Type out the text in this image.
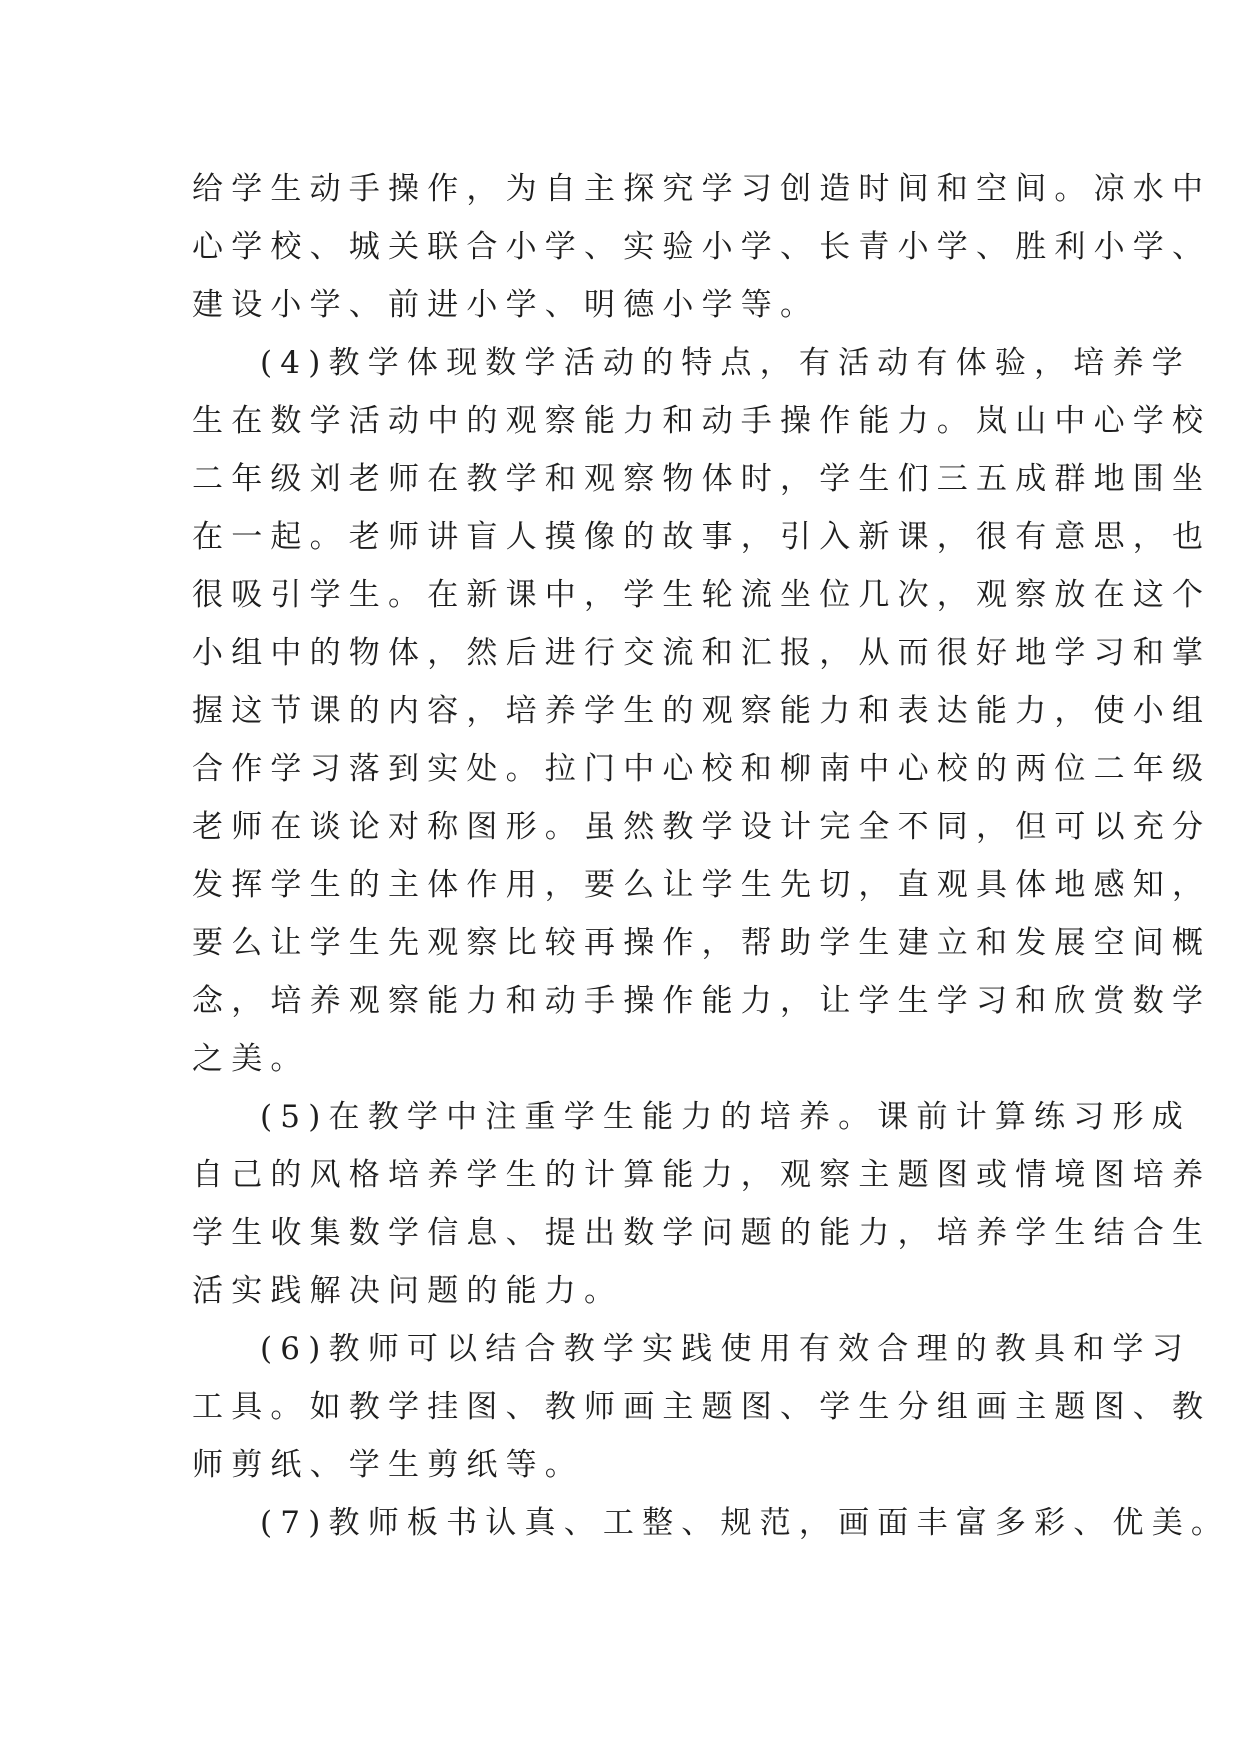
给学生动手操作，为自主探究学习创造时间和空间。凉水中
心学校、城关联合小学、实验小学、长青小学、胜利小学、
建设小学、前进小学、明德小学等。
(4)教学体现数学活动的特点，有活动有体验，培养学
生在数学活动中的观察能力和动手操作能力。岚山中心学校
二年级刘老师在教学和观察物体时，学生们三五成群地围坐
在一起。老师讲盲人摸像的故事，引入新课，很有意思，也
很吸引学生。在新课中，学生轮流坐位几次，观察放在这个
小组中的物体，然后进行交流和汇报，从而很好地学习和掌
握这节课的内容，培养学生的观察能力和表达能力，使小组
合作学习落到实处。拉门中心校和柳南中心校的两位二年级
老师在谈论对称图形。虽然教学设计完全不同，但可以充分
发挥学生的主体作用，要么让学生先切，直观具体地感知，
要么让学生先观察比较再操作，帮助学生建立和发展空间概
念，培养观察能力和动手操作能力，让学生学习和欣赏数学
之美。
(5)在教学中注重学生能力的培养。课前计算练习形成
自己的风格培养学生的计算能力，观察主题图或情境图培养
学生收集数学信息、提出数学问题的能力，培养学生结合生
活实践解决问题的能力。
(6)教师可以结合教学实践使用有效合理的教具和学习
工具。如教学挂图、教师画主题图、学生分组画主题图、教
师剪纸、学生剪纸等。
(7)教师板书认真、工整、规范，画面丰富多彩、优美。
